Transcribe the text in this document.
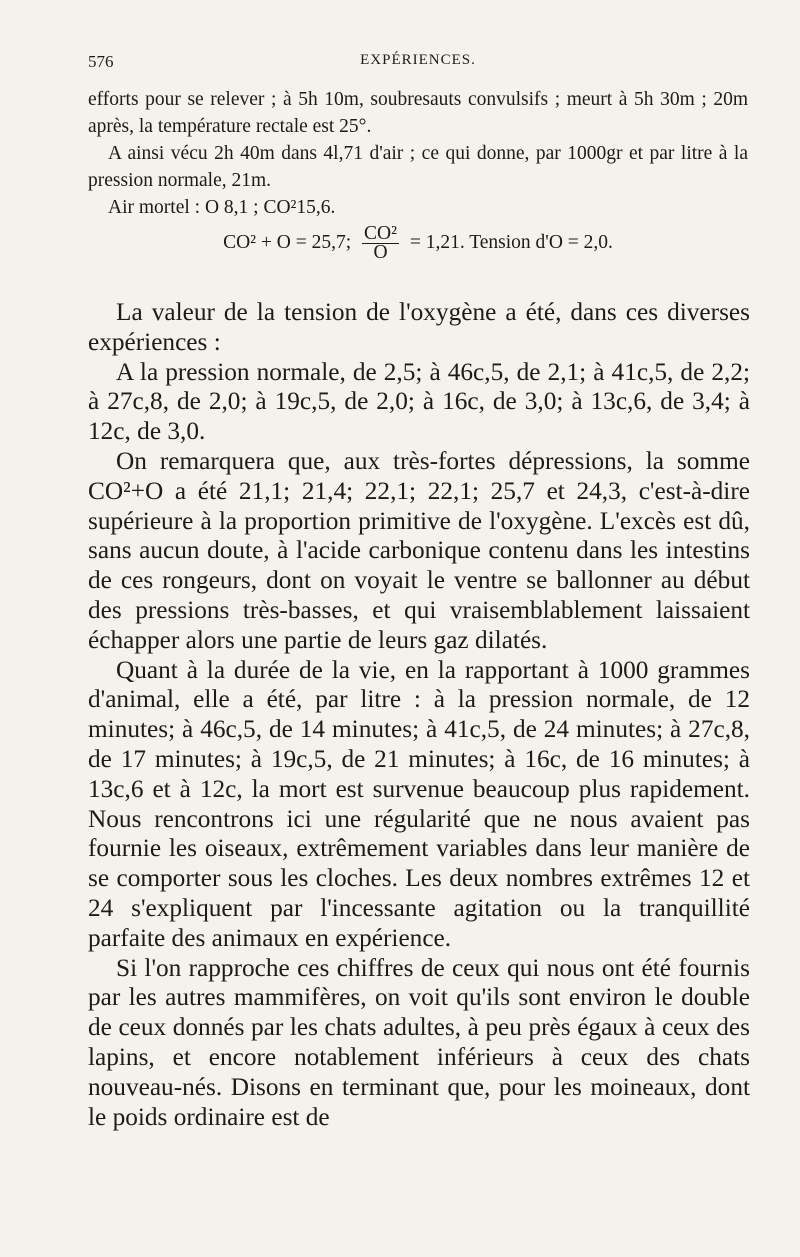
576	EXPÉRIENCES.

efforts pour se relever ; à 5h 10m, soubresauts convulsifs ; meurt à 5h 30m ; 20m après, la température rectale est 25°.

A ainsi vécu 2h 40m dans 4l,71 d'air ; ce qui donne, par 1000gr et par litre à la pression normale, 21m.

Air mortel : O 8,1 ; CO²15,6.

CO² + O = 25,7; $\frac{\text{CO²}}{O} = 1,21$. Tension d'O = 2,0.

La valeur de la tension de l'oxygène a été, dans ces diverses expériences :

A la pression normale, de 2,5; à 46c,5, de 2,1; à 41c,5, de 2,2; à 27c,8, de 2,0; à 19c,5, de 2,0; à 16c, de 3,0; à 13c,6, de 3,4; à 12c, de 3,0.

On remarquera que, aux très-fortes dépressions, la somme CO²+O a été 21,1; 21,4; 22,1; 22,1; 25,7 et 24,3, c'est-à-dire supérieure à la proportion primitive de l'oxygène. L'excès est dû, sans aucun doute, à l'acide carbonique contenu dans les intestins de ces rongeurs, dont on voyait le ventre se ballonner au début des pressions très-basses, et qui vraisemblablement laissaient échapper alors une partie de leurs gaz dilatés.

Quant à la durée de la vie, en la rapportant à 1000 grammes d'animal, elle a été, par litre : à la pression normale, de 12 minutes; à 46c,5, de 14 minutes; à 41c,5, de 24 minutes; à 27c,8, de 17 minutes; à 19c,5, de 21 minutes; à 16c, de 16 minutes; à 13c,6 et à 12c, la mort est survenue beaucoup plus rapidement. Nous rencontrons ici une régularité que ne nous avaient pas fournie les oiseaux, extrêmement variables dans leur manière de se comporter sous les cloches. Les deux nombres extrêmes 12 et 24 s'expliquent par l'incessante agitation ou la tranquillité parfaite des animaux en expérience.

Si l'on rapproche ces chiffres de ceux qui nous ont été fournis par les autres mammifères, on voit qu'ils sont environ le double de ceux donnés par les chats adultes, à peu près égaux à ceux des lapins, et encore notablement inférieurs à ceux des chats nouveau-nés. Disons en terminant que, pour les moineaux, dont le poids ordinaire est de
